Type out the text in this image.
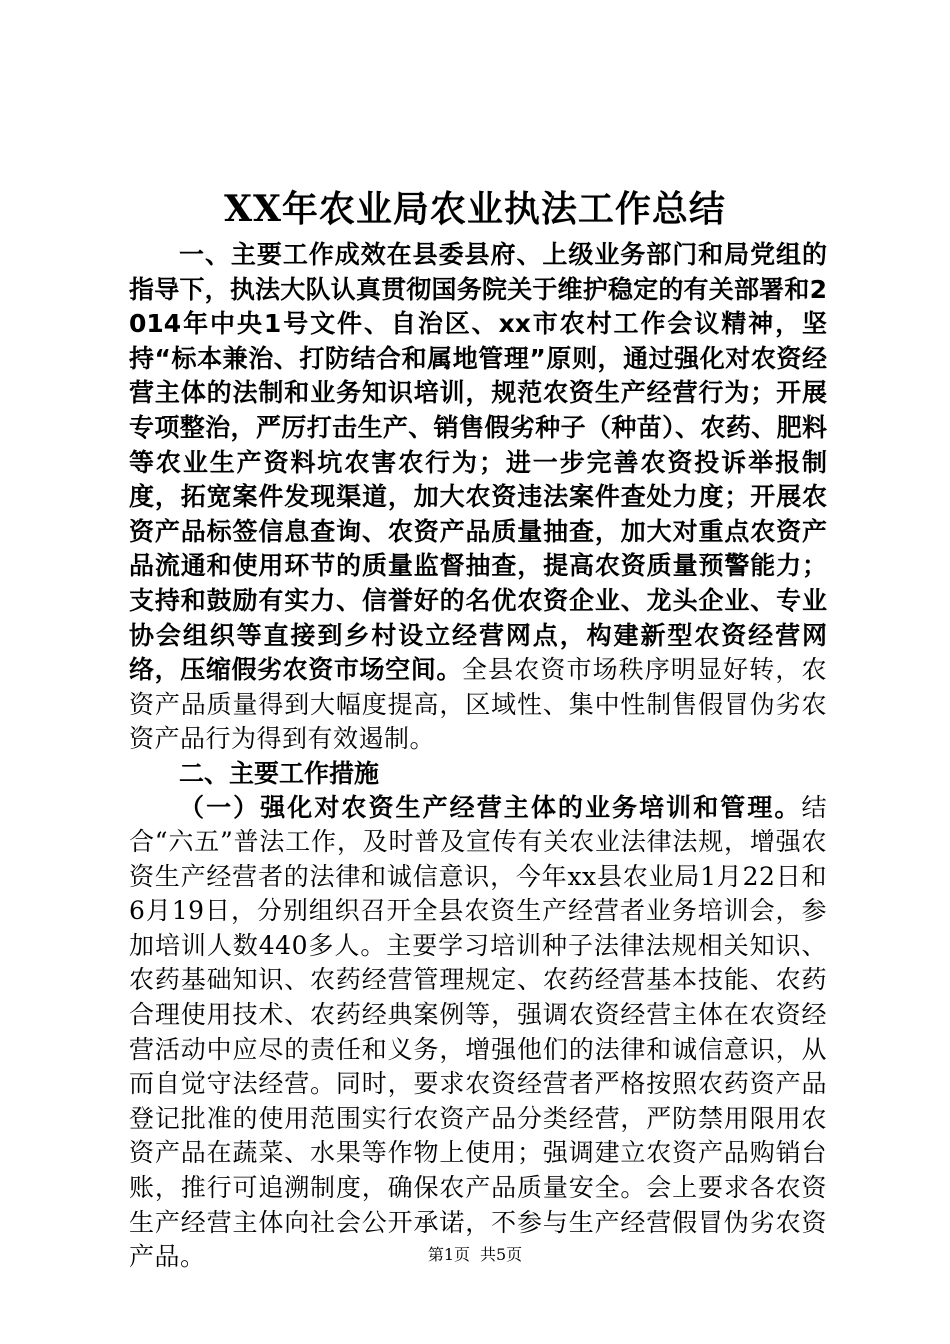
XX年农业局农业执法工作总结

一、主要工作成效在县委县府、上级业务部门和局党组的指导下，执法大队认真贯彻国务院关于维护稳定的有关部署和2014年中央1号文件、自治区、xx市农村工作会议精神，坚持“标本兼治、打防结合和属地管理”原则，通过强化对农资经营主体的法制和业务知识培训，规范农资生产经营行为；开展专项整治，严厉打击生产、销售假劣种子（种苗）、农药、肥料等农业生产资料坑农害农行为；进一步完善农资投诉举报制度，拓宽案件发现渠道，加大农资违法案件查处力度；开展农资产品标签信息查询、农资产品质量抽查，加大对重点农资产品流通和使用环节的质量监督抽查，提高农资质量预警能力；支持和鼓励有实力、信誉好的名优农资企业、龙头企业、专业协会组织等直接到乡村设立经营网点，构建新型农资经营网络，压缩假劣农资市场空间。全县农资市场秩序明显好转，农资产品质量得到大幅度提高，区域性、集中性制售假冒伪劣农资产品行为得到有效遏制。

二、主要工作措施

（一）强化对农资生产经营主体的业务培训和管理。结合“六五”普法工作，及时普及宣传有关农业法律法规，增强农资生产经营者的法律和诚信意识，今年xx县农业局1月22日和6月19日，分别组织召开全县农资生产经营者业务培训会，参加培训人数440多人。主要学习培训种子法律法规相关知识、农药基础知识、农药经营管理规定、农药经营基本技能、农药合理使用技术、农药经典案例等，强调农资经营主体在农资经营活动中应尽的责任和义务，增强他们的法律和诚信意识，从而自觉守法经营。同时，要求农资经营者严格按照农药资产品登记批准的使用范围实行农资产品分类经营，严防禁用限用农资产品在蔬菜、水果等作物上使用；强调建立农资产品购销台账，推行可追溯制度，确保农产品质量安全。会上要求各农资生产经营主体向社会公开承诺，不参与生产经营假冒伪劣农资产品。	第1页 共5页
